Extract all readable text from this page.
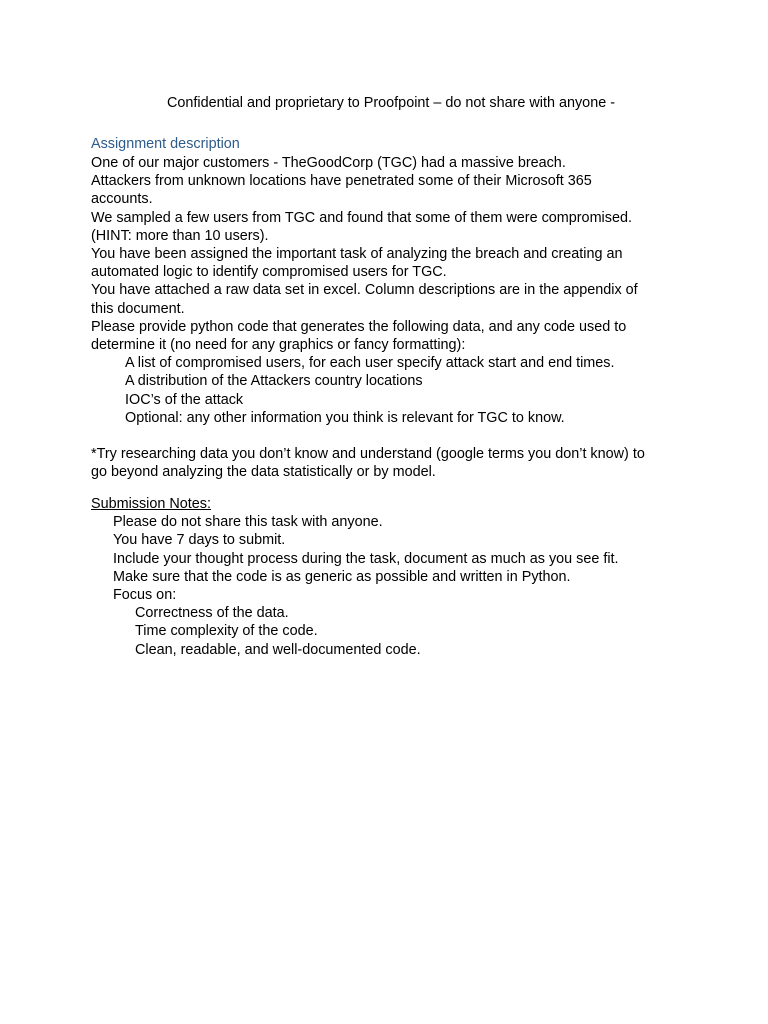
Confidential and proprietary to Proofpoint – do not share with anyone -
Assignment description

One of our major customers - TheGoodCorp (TGC) had a massive breach.

Attackers from unknown locations have penetrated some of their Microsoft 365

accounts.

We sampled a few users from TGC and found that some of them were compromised.

(HINT: more than 10 users).

You have been assigned the important task of analyzing the breach and creating an

automated logic to identify compromised users for TGC.

You have attached a raw data set in excel. Column descriptions are in the appendix of

this document.

Please provide python code that generates the following data, and any code used to

determine it (no need for any graphics or fancy formatting):

A list of compromised users, for each user specify attack start and end times.

A distribution of the Attackers country locations

IOC’s of the attack

Optional: any other information you think is relevant for TGC to know.

*Try researching data you don’t know and understand (google terms you don’t know) to

go beyond analyzing the data statistically or by model.

Submission Notes:

Please do not share this task with anyone.

You have 7 days to submit.

Include your thought process during the task, document as much as you see fit.

Make sure that the code is as generic as possible and written in Python.

Focus on:

Correctness of the data.

Time complexity of the code.

Clean, readable, and well-documented code.
